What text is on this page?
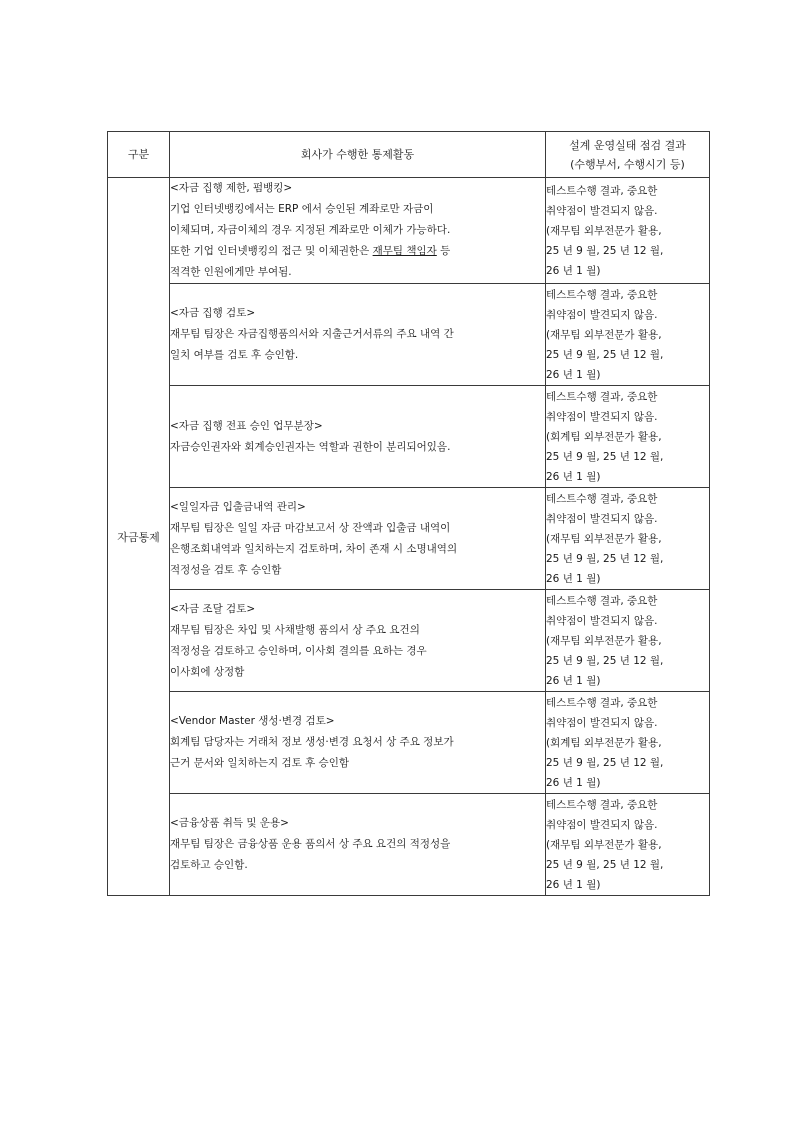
구분	회사가 수행한 통제활동	설계 운영실태 점검 결과
(수행부서, 수행시기 등)

자금통제	<자금 집행 제한, 펌뱅킹>
기업 인터넷뱅킹에서는 ERP 에서 승인된 계좌로만 자금이
이체되며, 자금이체의 경우 지정된 계좌로만 이체가 가능하다.
또한 기업 인터넷뱅킹의 접근 및 이체권한은 재무팀 책임자 등
적격한 인원에게만 부여됨.	테스트수행 결과, 중요한
취약점이 발견되지 않음.
(재무팀 외부전문가 활용,
25 년 9 월, 25 년 12 월,
26 년 1 월)

	<자금 집행 검토>
재무팀 팀장은 자금집행품의서와 지출근거서류의 주요 내역 간
일치 여부를 검토 후 승인함.	테스트수행 결과, 중요한
취약점이 발견되지 않음.
(재무팀 외부전문가 활용,
25 년 9 월, 25 년 12 월,
26 년 1 월)

	<자금 집행 전표 승인 업무분장>
자금승인권자와 회계승인권자는 역할과 권한이 분리되어있음.	테스트수행 결과, 중요한
취약점이 발견되지 않음.
(회계팀 외부전문가 활용,
25 년 9 월, 25 년 12 월,
26 년 1 월)

	<일일자금 입출금내역 관리>
재무팀 팀장은 일일 자금 마감보고서 상 잔액과 입출금 내역이
은행조회내역과 일치하는지 검토하며, 차이 존재 시 소명내역의
적정성을 검토 후 승인함	테스트수행 결과, 중요한
취약점이 발견되지 않음.
(재무팀 외부전문가 활용,
25 년 9 월, 25 년 12 월,
26 년 1 월)

	<자금 조달 검토>
재무팀 팀장은 차입 및 사채발행 품의서 상 주요 요건의
적정성을 검토하고 승인하며, 이사회 결의를 요하는 경우
이사회에 상정함	테스트수행 결과, 중요한
취약점이 발견되지 않음.
(재무팀 외부전문가 활용,
25 년 9 월, 25 년 12 월,
26 년 1 월)

	<Vendor Master 생성·변경 검토>
회계팀 담당자는 거래처 정보 생성·변경 요청서 상 주요 정보가
근거 문서와 일치하는지 검토 후 승인함	테스트수행 결과, 중요한
취약점이 발견되지 않음.
(회계팀 외부전문가 활용,
25 년 9 월, 25 년 12 월,
26 년 1 월)

	<금융상품 취득 및 운용>
재무팀 팀장은 금융상품 운용 품의서 상 주요 요건의 적정성을
검토하고 승인함.	테스트수행 결과, 중요한
취약점이 발견되지 않음.
(재무팀 외부전문가 활용,
25 년 9 월, 25 년 12 월,
26 년 1 월)
